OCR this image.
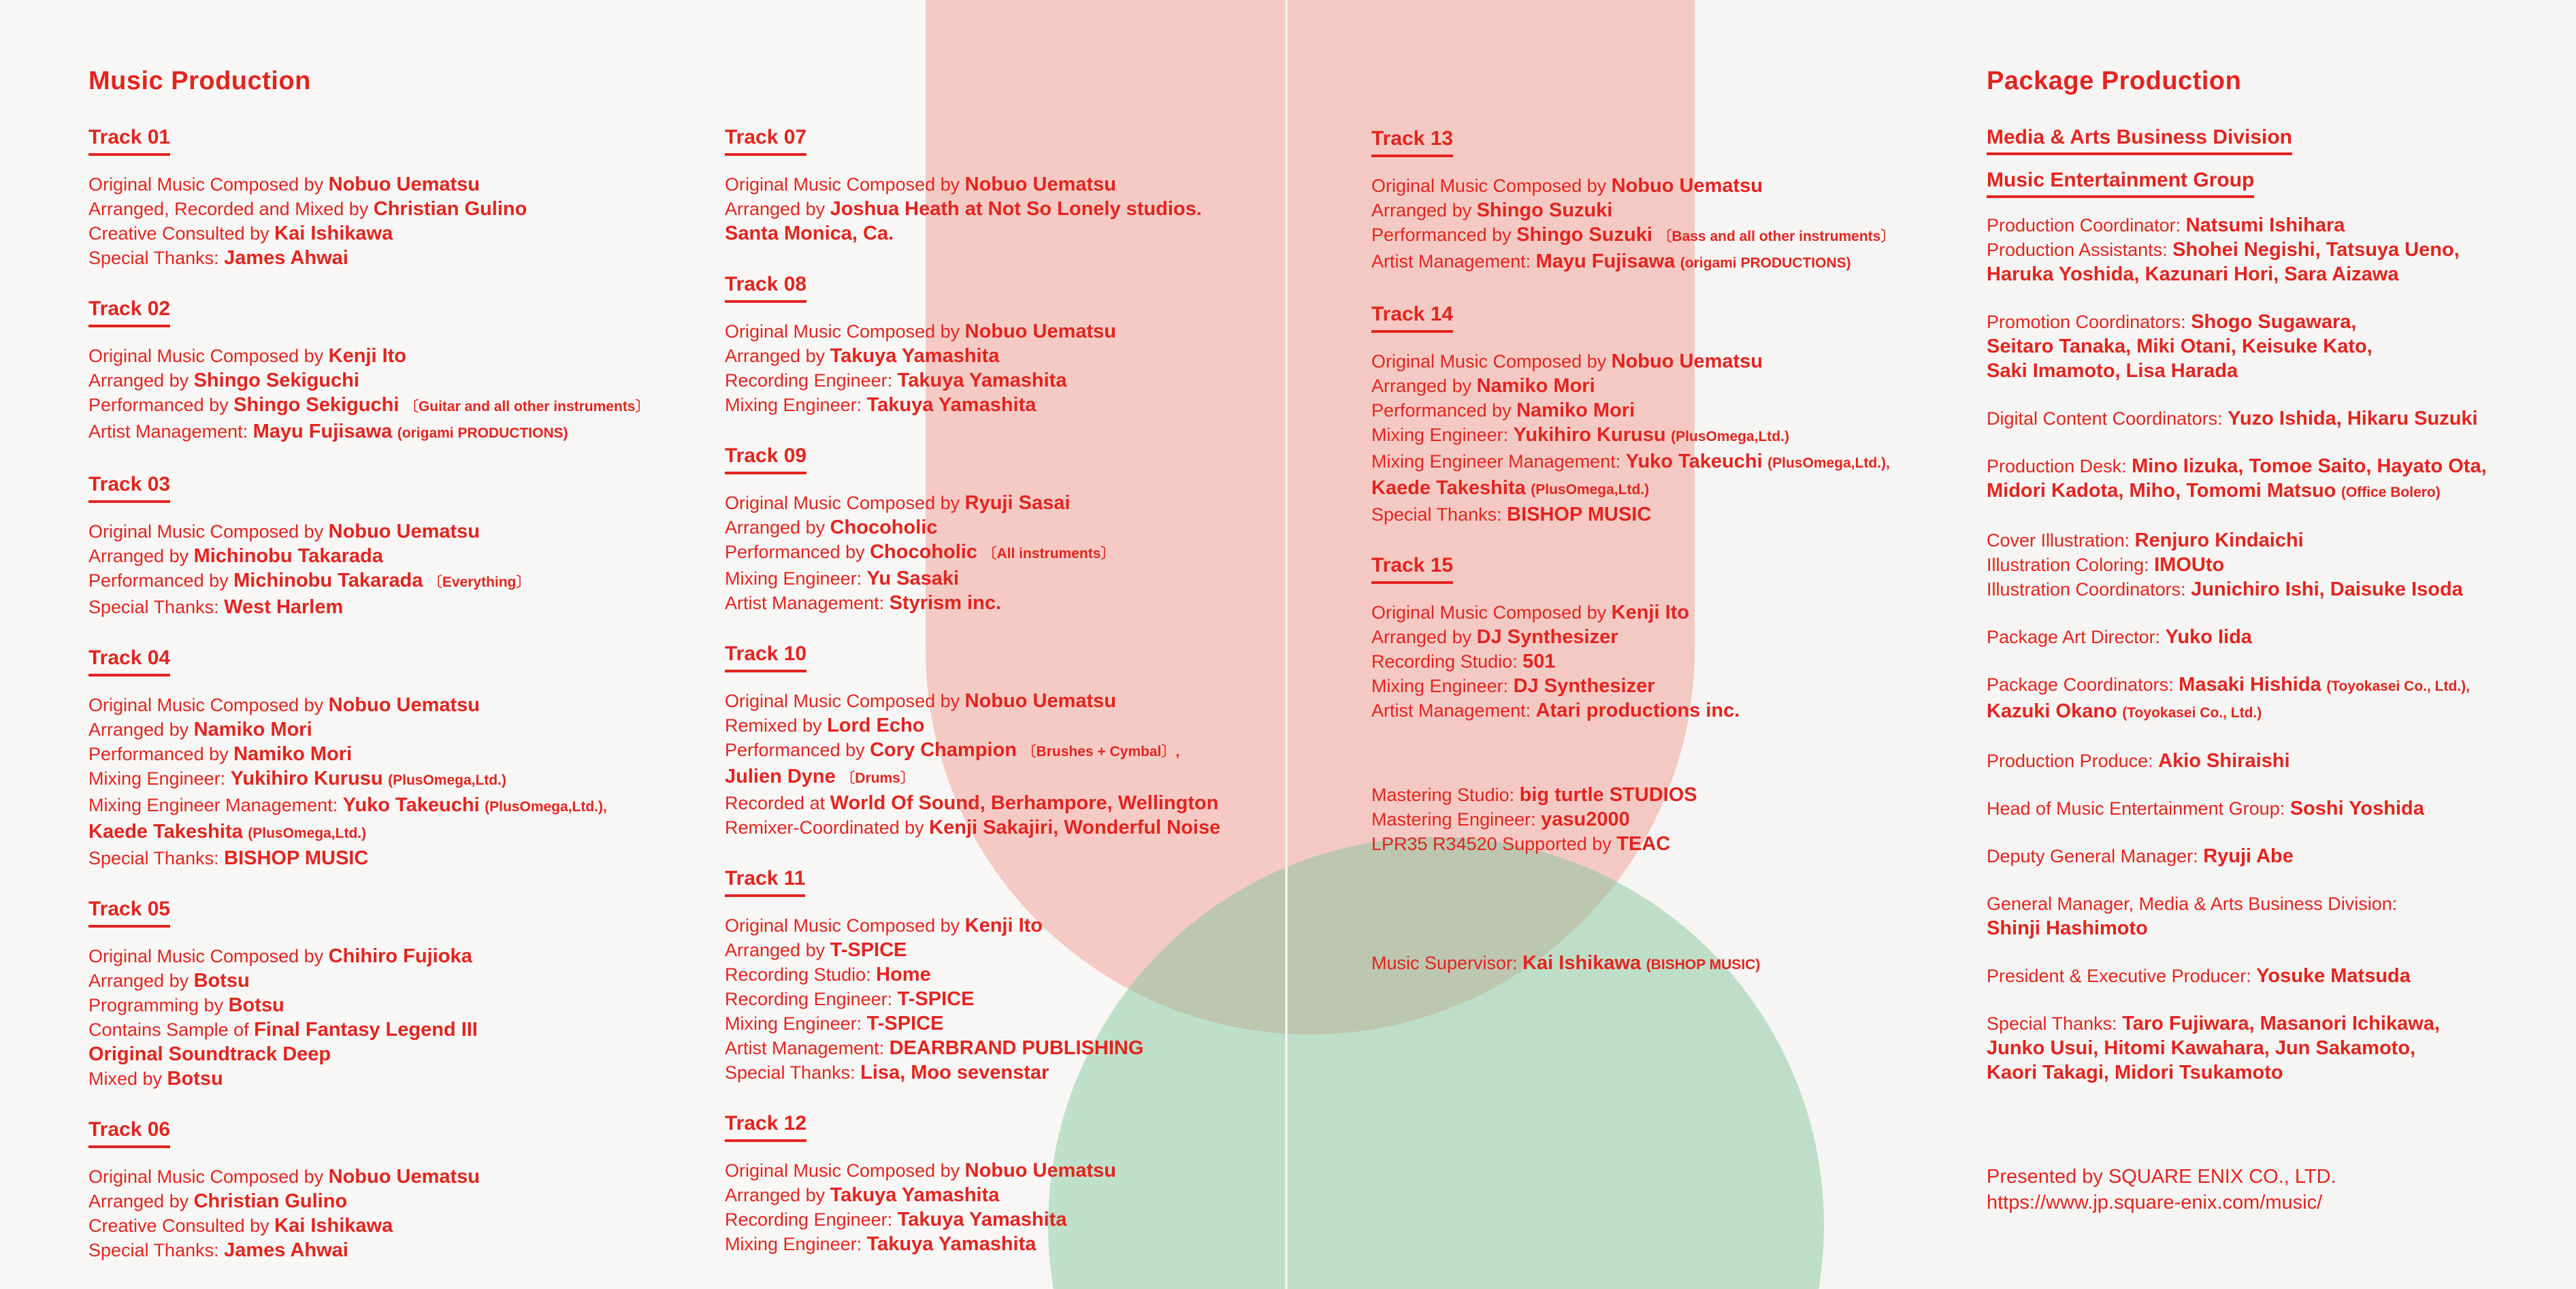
Music Production
Track 01
Original Music Composed by Nobuo Uematsu
Arranged, Recorded and Mixed by Christian Gulino
Creative Consulted by Kai Ishikawa
Special Thanks: James Ahwai
Track 02
Original Music Composed by Kenji Ito
Arranged by Shingo Sekiguchi
Performanced by Shingo Sekiguchi 〔Guitar and all other instruments〕
Artist Management: Mayu Fujisawa (origami PRODUCTIONS)
Track 03
Original Music Composed by Nobuo Uematsu
Arranged by Michinobu Takarada
Performanced by Michinobu Takarada 〔Everything〕
Special Thanks: West Harlem
Track 04
Original Music Composed by Nobuo Uematsu
Arranged by Namiko Mori
Performanced by Namiko Mori
Mixing Engineer: Yukihiro Kurusu (PlusOmega,Ltd.)
Mixing Engineer Management: Yuko Takeuchi (PlusOmega,Ltd.),
Kaede Takeshita (PlusOmega,Ltd.)
Special Thanks: BISHOP MUSIC
Track 05
Original Music Composed by Chihiro Fujioka
Arranged by Botsu
Programming by Botsu
Contains Sample of Final Fantasy Legend III
Original Soundtrack Deep
Mixed by Botsu
Track 06
Original Music Composed by Nobuo Uematsu
Arranged by Christian Gulino
Creative Consulted by Kai Ishikawa
Special Thanks: James Ahwai
Track 07
Original Music Composed by Nobuo Uematsu
Arranged by Joshua Heath at Not So Lonely studios.
Santa Monica, Ca.
Track 08
Original Music Composed by Nobuo Uematsu
Arranged by Takuya Yamashita
Recording Engineer: Takuya Yamashita
Mixing Engineer: Takuya Yamashita
Track 09
Original Music Composed by Ryuji Sasai
Arranged by Chocoholic
Performanced by Chocoholic 〔All instruments〕
Mixing Engineer: Yu Sasaki
Artist Management: Styrism inc.
Track 10
Original Music Composed by Nobuo Uematsu
Remixed by Lord Echo
Performanced by Cory Champion 〔Brushes + Cymbal〕,
Julien Dyne 〔Drums〕
Recorded at World Of Sound, Berhampore, Wellington
Remixer-Coordinated by Kenji Sakajiri, Wonderful Noise
Track 11
Original Music Composed by Kenji Ito
Arranged by T-SPICE
Recording Studio: Home
Recording Engineer: T-SPICE
Mixing Engineer: T-SPICE
Artist Management: DEARBRAND PUBLISHING
Special Thanks: Lisa, Moo sevenstar
Track 12
Original Music Composed by Nobuo Uematsu
Arranged by Takuya Yamashita
Recording Engineer: Takuya Yamashita
Mixing Engineer: Takuya Yamashita
Track 13
Original Music Composed by Nobuo Uematsu
Arranged by Shingo Suzuki
Performanced by Shingo Suzuki 〔Bass and all other instruments〕
Artist Management: Mayu Fujisawa (origami PRODUCTIONS)
Track 14
Original Music Composed by Nobuo Uematsu
Arranged by Namiko Mori
Performanced by Namiko Mori
Mixing Engineer: Yukihiro Kurusu (PlusOmega,Ltd.)
Mixing Engineer Management: Yuko Takeuchi (PlusOmega,Ltd.),
Kaede Takeshita (PlusOmega,Ltd.)
Special Thanks: BISHOP MUSIC
Track 15
Original Music Composed by Kenji Ito
Arranged by DJ Synthesizer
Recording Studio: 501
Mixing Engineer: DJ Synthesizer
Artist Management: Atari productions inc.
Mastering Studio: big turtle STUDIOS
Mastering Engineer: yasu2000
LPR35 R34520 Supported by TEAC
Music Supervisor: Kai Ishikawa (BISHOP MUSIC)
Package Production
Media & Arts Business Division
Music Entertainment Group
Production Coordinator: Natsumi Ishihara
Production Assistants: Shohei Negishi, Tatsuya Ueno,
Haruka Yoshida, Kazunari Hori, Sara Aizawa
Promotion Coordinators: Shogo Sugawara,
Seitaro Tanaka, Miki Otani, Keisuke Kato,
Saki Imamoto, Lisa Harada
Digital Content Coordinators: Yuzo Ishida, Hikaru Suzuki
Production Desk: Mino Iizuka, Tomoe Saito, Hayato Ota,
Midori Kadota, Miho, Tomomi Matsuo (Office Bolero)
Cover Illustration: Renjuro Kindaichi
Illustration Coloring: IMOUto
Illustration Coordinators: Junichiro Ishi, Daisuke Isoda
Package Art Director: Yuko Iida
Package Coordinators: Masaki Hishida (Toyokasei Co., Ltd.),
Kazuki Okano (Toyokasei Co., Ltd.)
Production Produce: Akio Shiraishi
Head of Music Entertainment Group: Soshi Yoshida
Deputy General Manager: Ryuji Abe
General Manager, Media & Arts Business Division:
Shinji Hashimoto
President & Executive Producer: Yosuke Matsuda
Special Thanks: Taro Fujiwara, Masanori Ichikawa,
Junko Usui, Hitomi Kawahara, Jun Sakamoto,
Kaori Takagi, Midori Tsukamoto
Presented by SQUARE ENIX CO., LTD.
https://www.jp.square-enix.com/music/
